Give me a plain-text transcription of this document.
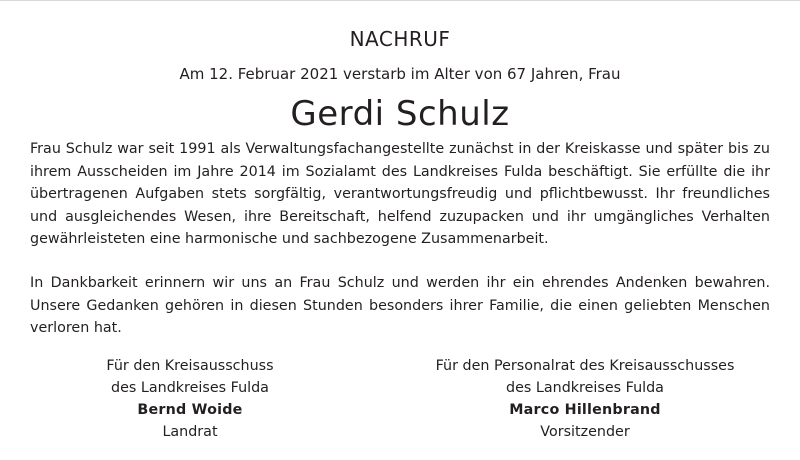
NACHRUF
Am 12. Februar 2021 verstarb im Alter von 67 Jahren, Frau
Gerdi Schulz

Frau Schulz war seit 1991 als Verwaltungsfachangestellte zunächst in der Kreiskasse und später bis zu ihrem Ausscheiden im Jahre 2014 im Sozialamt des Landkreises Fulda beschäftigt. Sie erfüllte die ihr übertragenen Aufgaben stets sorgfältig, verantwortungsfreudig und pflichtbewusst. Ihr freundliches und ausgleichendes Wesen, ihre Bereitschaft, helfend zuzupacken und ihr umgängliches Verhalten gewährleisteten eine harmonische und sachbezogene Zusammenarbeit.

In Dankbarkeit erinnern wir uns an Frau Schulz und werden ihr ein ehrendes Andenken bewahren. Unsere Gedanken gehören in diesen Stunden besonders ihrer Familie, die einen geliebten Menschen verloren hat.

Für den Kreisausschuss
des Landkreises Fulda
Bernd Woide
Landrat
Für den Personalrat des Kreisausschusses
des Landkreises Fulda
Marco Hillenbrand
Vorsitzender
